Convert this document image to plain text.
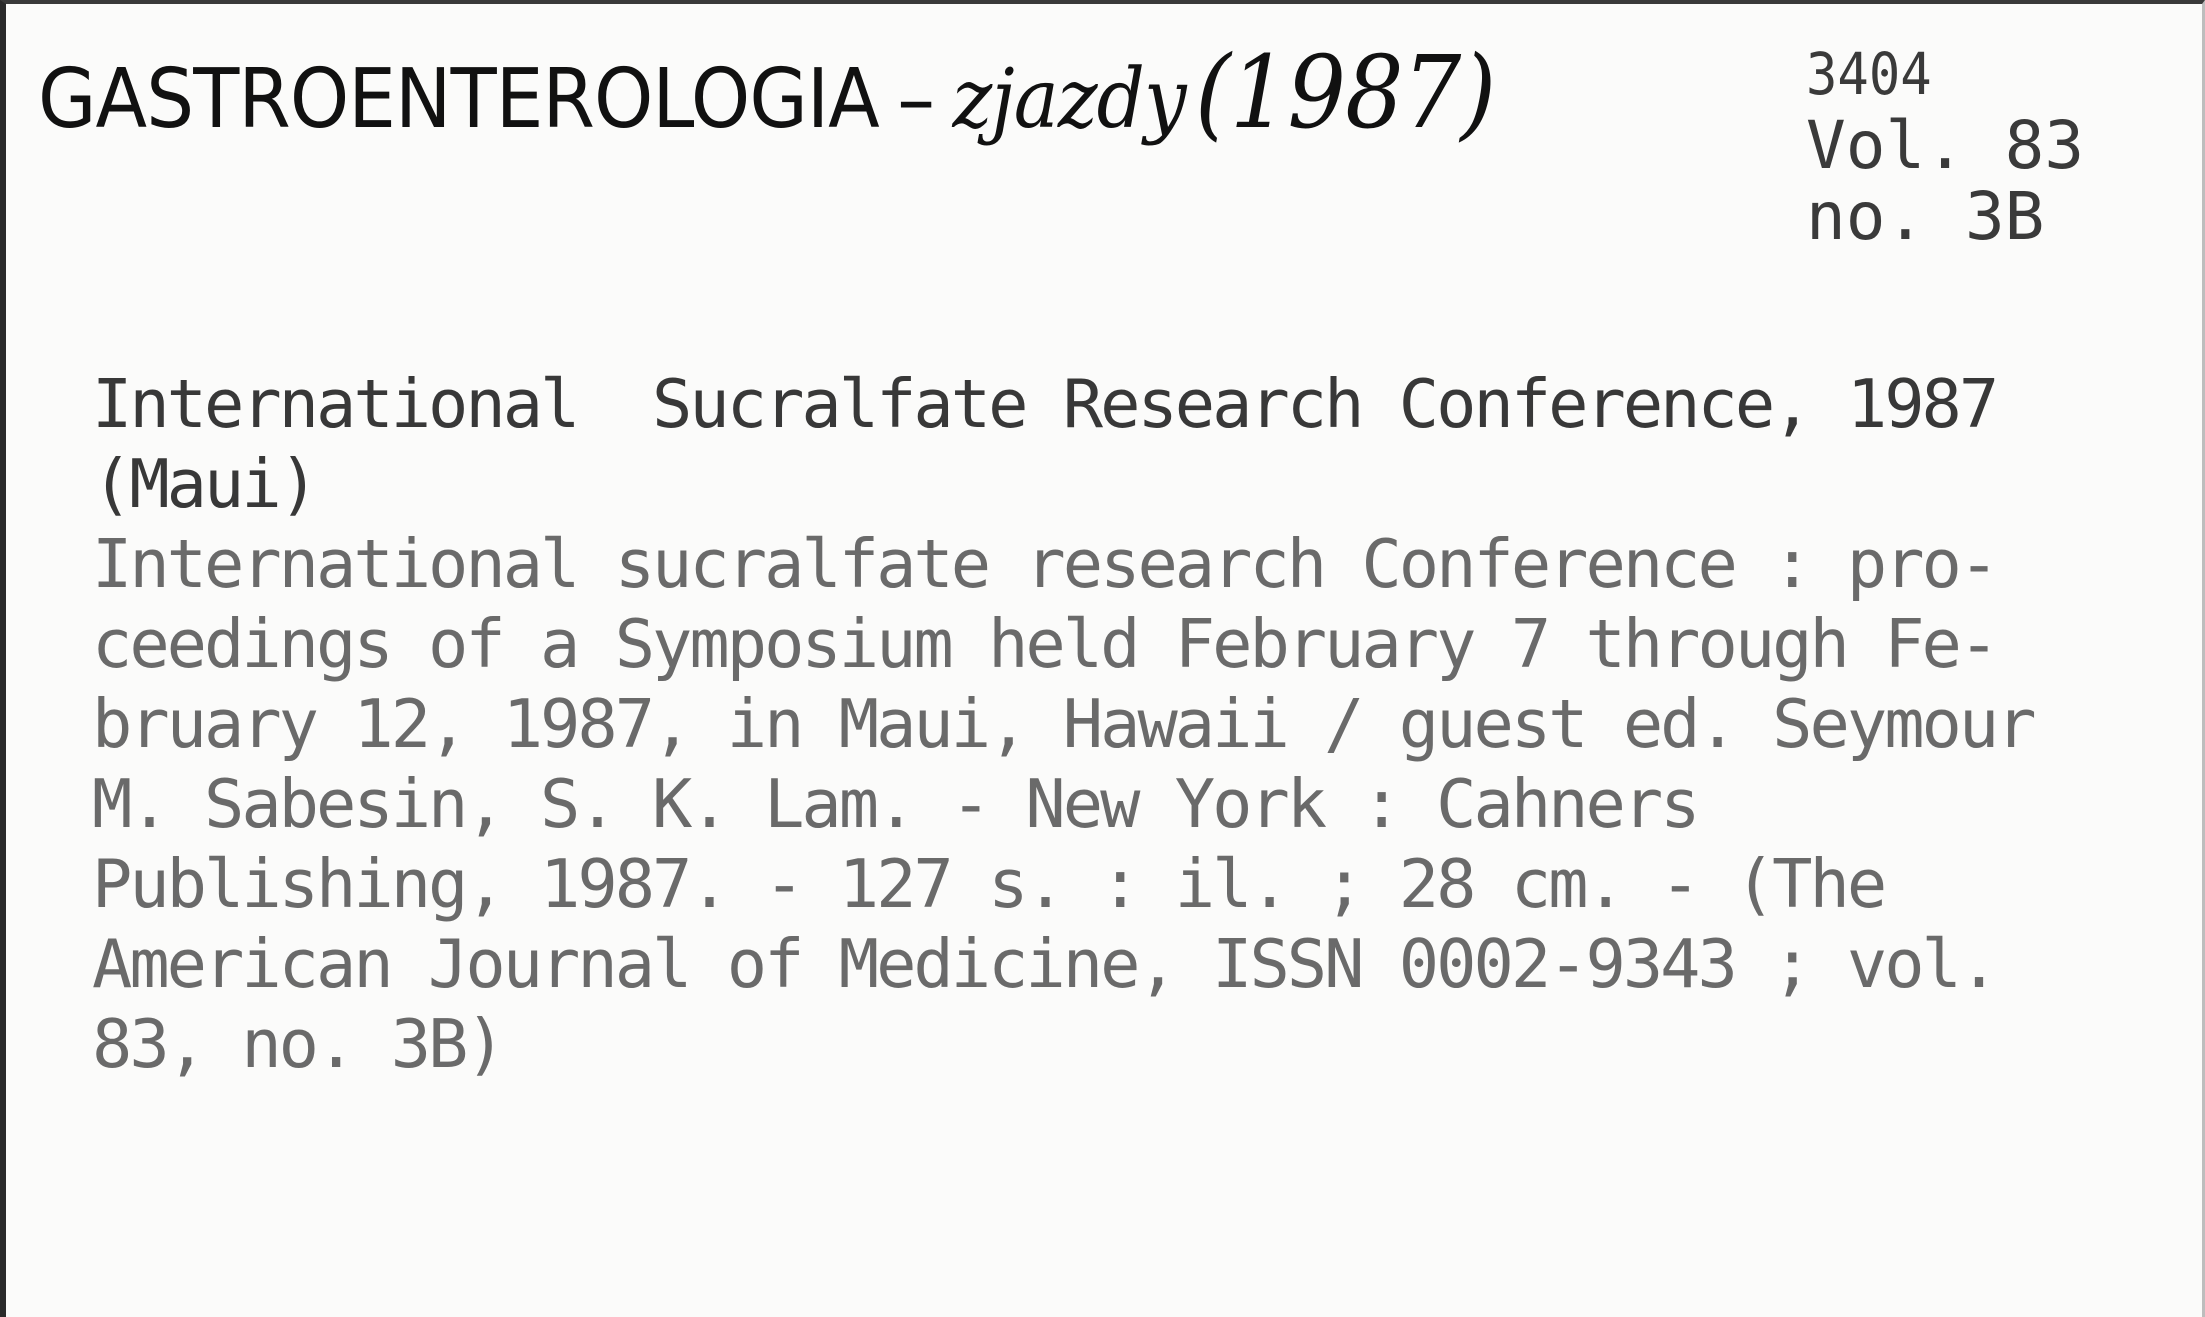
GASTROENTEROLOGIA – zjazdy(1987)	3404
Vol. 83
no. 3B
International  Sucralfate Research Conference, 1987
(Maui)
International sucralfate research Conference : pro-
ceedings of a Symposium held February 7 through Fe-
bruary 12, 1987, in Maui, Hawaii / guest ed. Seymour
M. Sabesin, S. K. Lam. - New York : Cahners
Publishing, 1987. - 127 s. : il. ; 28 cm. - (The
American Journal of Medicine, ISSN 0002-9343 ; vol.
83, no. 3B)
